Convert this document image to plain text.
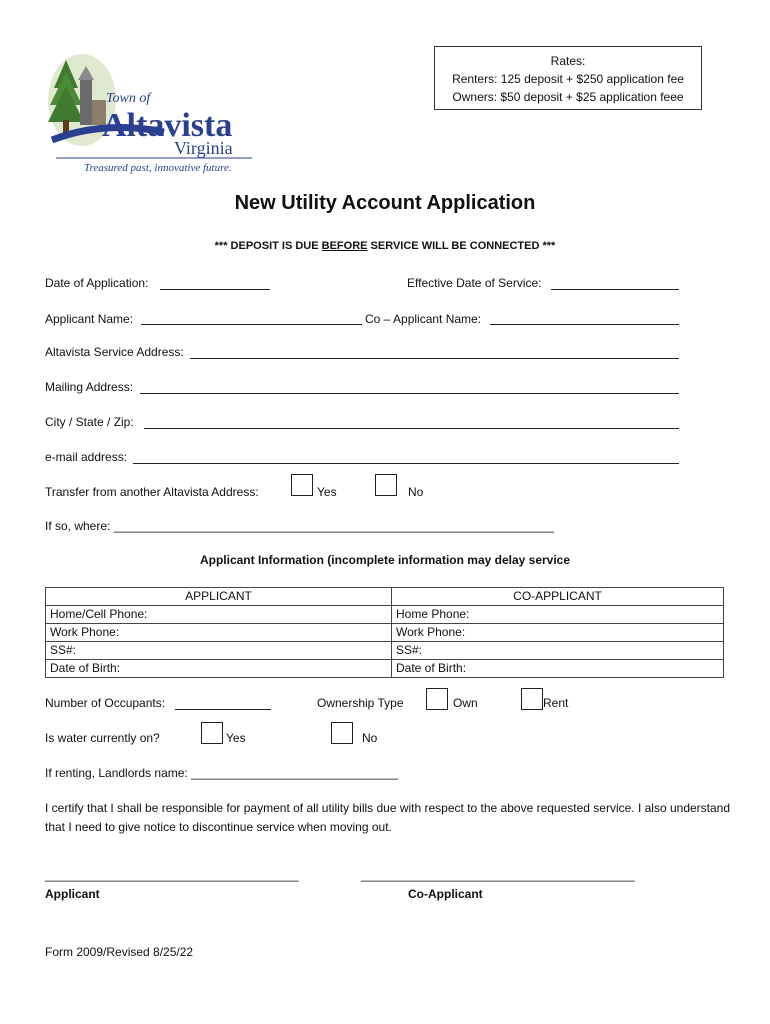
Rates:
Renters: 125 deposit + $250 application fee
Owners: $50 deposit + $25 application feee
Town of
Altavista
Virginia
Treasured past, innovative future.
New Utility Account Application
*** DEPOSIT IS DUE BEFORE SERVICE WILL BE CONNECTED ***
Date of Application:	Effective Date of Service:
Applicant Name:	Co – Applicant Name:
Altavista Service Address:
Mailing Address:
City / State / Zip:
e-mail address:
Transfer from another Altavista Address:	Yes	No
If so, where: __________________________________________________________________
Applicant Information (incomplete information may delay service
APPLICANT	CO-APPLICANT
Home/Cell Phone:	Home Phone:
Work Phone:	Work Phone:
SS#:	SS#:
Date of Birth:	Date of Birth:
Number of Occupants:	Ownership Type	Own	Rent
Is water currently on?	Yes	No
If renting, Landlords name: _______________________________
I certify that I shall be responsible for payment of all utility bills due with respect to the above requested service. I also understand that I need to give notice to discontinue service when moving out.
______________________________________	_________________________________________
Applicant	Co-Applicant
Form 2009/Revised 8/25/22
